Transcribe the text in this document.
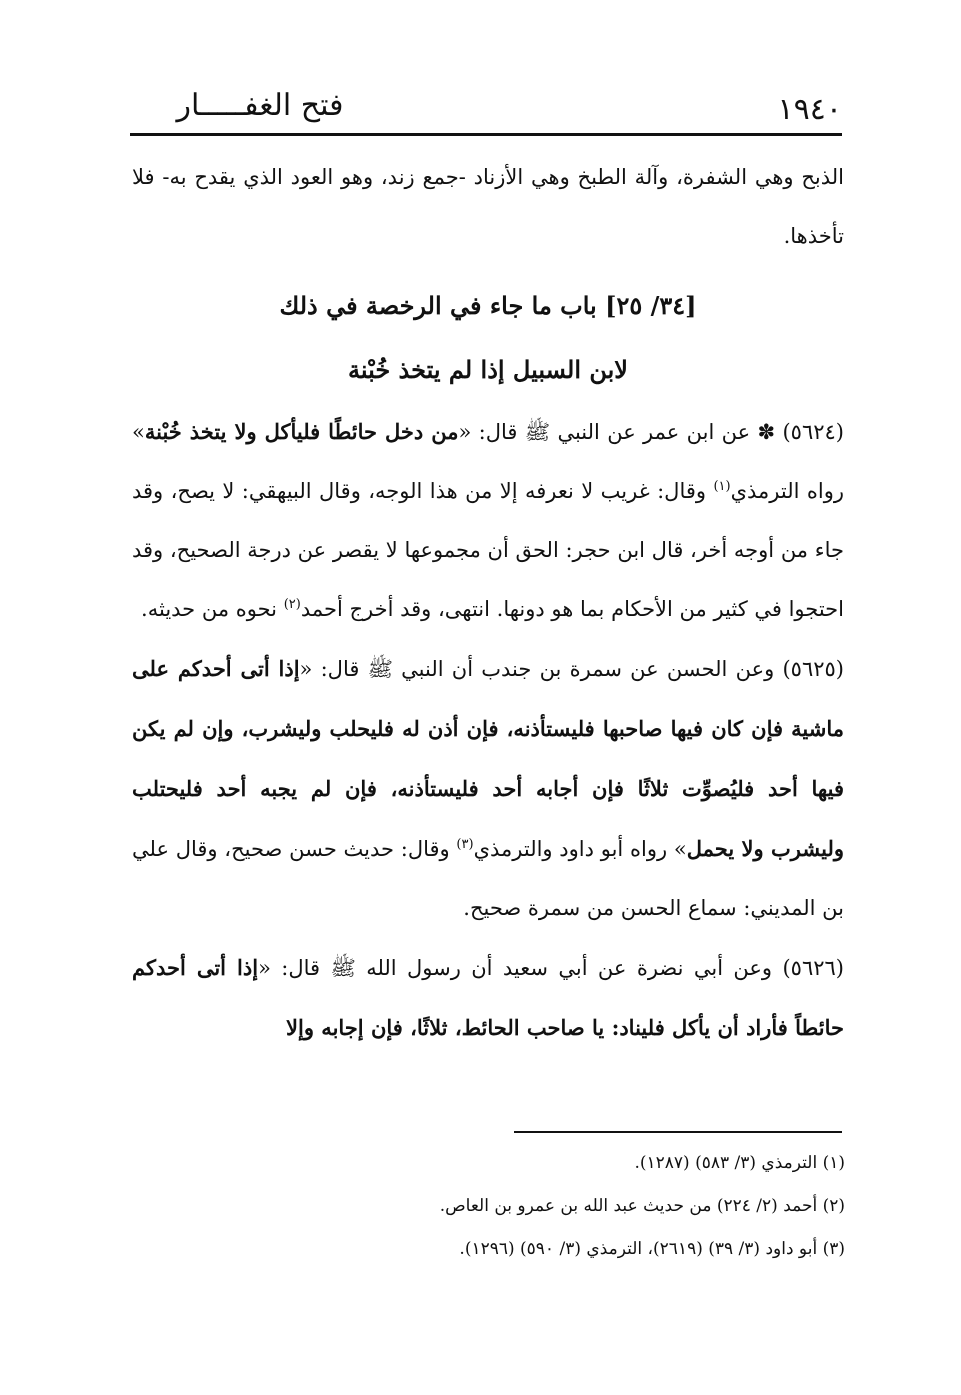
فتح الغفـــــار	١٩٤٠

الذبح وهي الشفرة، وآلة الطبخ وهي الأزناد -جمع زند، وهو العود الذي يقدح به- فلا تأخذها.

[٣٤/ ٢٥] باب ما جاء في الرخصة في ذلك

لابن السبيل إذا لم يتخذ خُبْنة

(٥٦٢٤) ✽ عن ابن عمر عن النبي ﷺ قال: «من دخل حائطًا فليأكل ولا يتخذ خُبْنة» رواه الترمذي$^{(١)}$ وقال: غريب لا نعرفه إلا من هذا الوجه، وقال البيهقي: لا يصح، وقد جاء من أوجه أخر، قال ابن حجر: الحق أن مجموعها لا يقصر عن درجة الصحيح، وقد احتجوا في كثير من الأحكام بما هو دونها. انتهى، وقد أخرج أحمد$^{(٢)}$ نحوه من حديثه.

(٥٦٢٥) وعن الحسن عن سمرة بن جندب أن النبي ﷺ قال: «إذا أتى أحدكم على ماشية فإن كان فيها صاحبها فليستأذنه، فإن أذن له فليحلب وليشرب، وإن لم يكن فيها أحد فليُصوِّت ثلاثًا فإن أجابه أحد فليستأذنه، فإن لم يجبه أحد فليحتلب وليشرب ولا يحمل» رواه أبو داود والترمذي$^{(٣)}$ وقال: حديث حسن صحيح، وقال علي بن المديني: سماع الحسن من سمرة صحيح.

(٥٦٢٦) وعن أبي نضرة عن أبي سعيد أن رسول الله ﷺ قال: «إذا أتى أحدكم حائطاً فأراد أن يأكل فليناد: يا صاحب الحائط، ثلاثًا، فإن إجابه وإلا

(١) الترمذي (٣/ ٥٨٣) (١٢٨٧).

(٢) أحمد (٢/ ٢٢٤) من حديث عبد الله بن عمرو بن العاص.

(٣) أبو داود (٣/ ٣٩) (٢٦١٩)، الترمذي (٣/ ٥٩٠) (١٢٩٦).
